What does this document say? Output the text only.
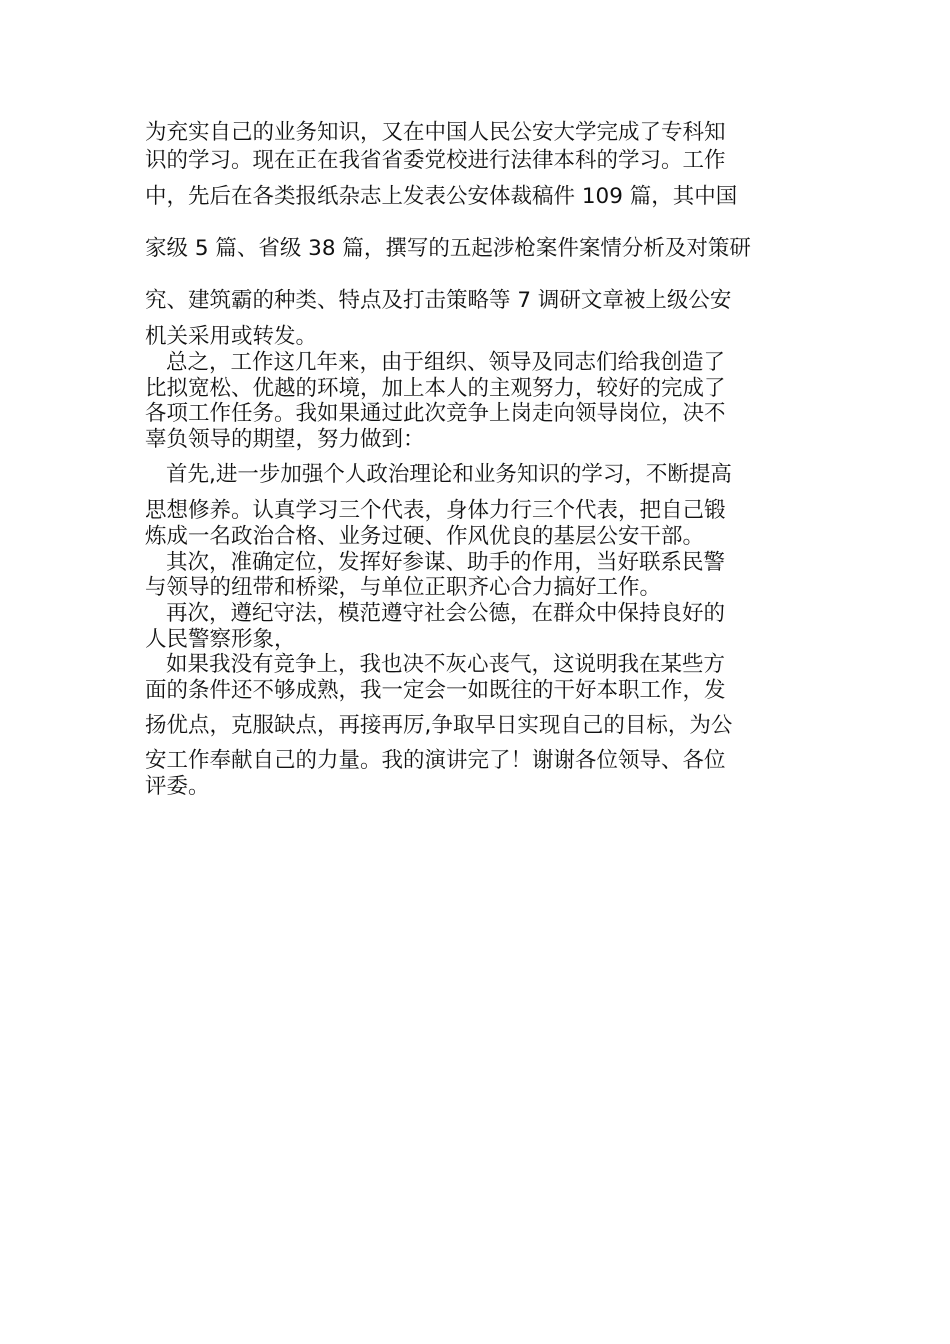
为充实自己的业务知识，又在中国人民公安大学完成了专科知
识的学习。现在正在我省省委党校进行法律本科的学习。工作
中，先后在各类报纸杂志上发表公安体裁稿件 109 篇，其中国
家级 5 篇、省级 38 篇，撰写的五起涉枪案件案情分析及对策研
究、建筑霸的种类、特点及打击策略等 7 调研文章被上级公安
机关采用或转发。
总之，工作这几年来，由于组织、领导及同志们给我创造了
比拟宽松、优越的环境，加上本人的主观努力，较好的完成了
各项工作任务。我如果通过此次竞争上岗走向领导岗位，决不
辜负领导的期望，努力做到：
首先,进一步加强个人政治理论和业务知识的学习，不断提高
思想修养。认真学习三个代表，身体力行三个代表，把自己锻
炼成一名政治合格、业务过硬、作风优良的基层公安干部。
其次，准确定位，发挥好参谋、助手的作用，当好联系民警
与领导的纽带和桥梁，与单位正职齐心合力搞好工作。
再次，遵纪守法，模范遵守社会公德，在群众中保持良好的
人民警察形象，
如果我没有竞争上，我也决不灰心丧气，这说明我在某些方
面的条件还不够成熟，我一定会一如既往的干好本职工作，发
扬优点，克服缺点，再接再厉,争取早日实现自己的目标，为公
安工作奉献自己的力量。我的演讲完了！谢谢各位领导、各位
评委。
